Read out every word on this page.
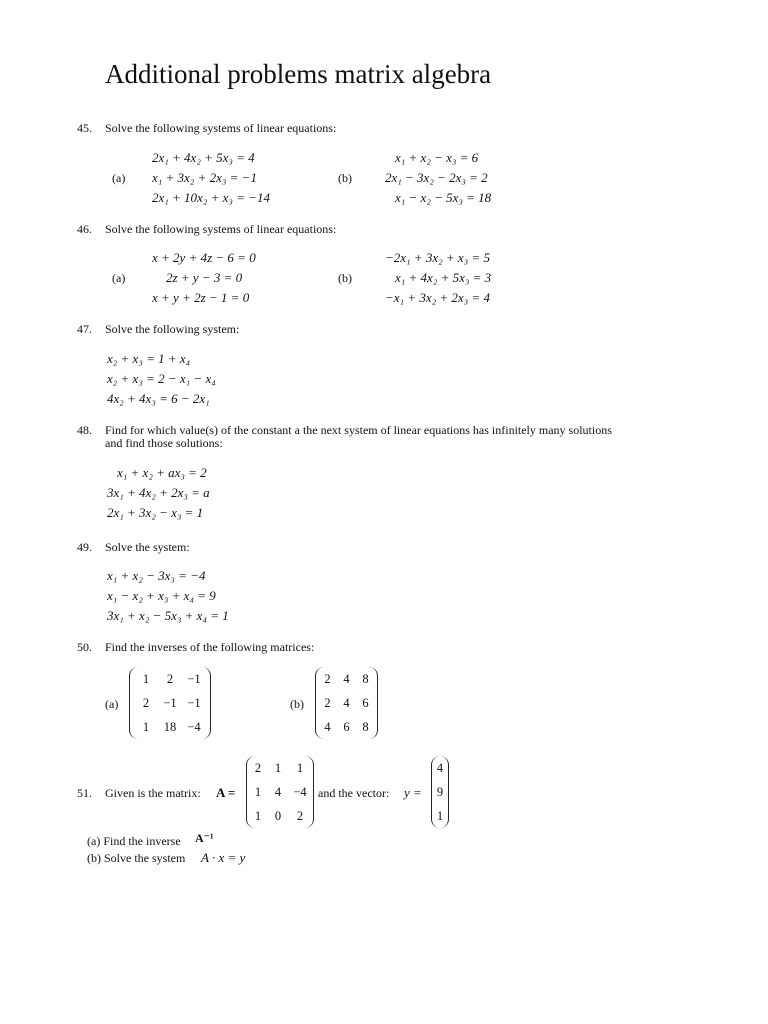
Additional problems matrix algebra
45. Solve the following systems of linear equations:
(a)
2x₁ + 4x₂ + 5x₃ = 4
x₁ + 3x₂ + 2x₃ = −1
2x₁ + 10x₂ + x₃ = −14
(b)
x₁ + x₂ − x₃ = 6
2x₁ − 3x₂ − 2x₃ = 2
x₁ − x₂ − 5x₃ = 18
46. Solve the following systems of linear equations:
(a)
x + 2y + 4z − 6 = 0
2z + y − 3 = 0
x + y + 2z − 1 = 0
(b)
−2x₁ + 3x₂ + x₃ = 5
x₁ + 4x₂ + 5x₃ = 3
−x₁ + 3x₂ + 2x₃ = 4
47. Solve the following system:
x₂ + x₃ = 1 + x₄
x₂ + x₃ = 2 − x₁ − x₄
4x₂ + 4x₃ = 6 − 2x₁
48. Find for which value(s) of the constant a the next system of linear equations has infinitely many solutions
and find those solutions:
x₁ + x₂ + ax₃ = 2
3x₁ + 4x₂ + 2x₃ = a
2x₁ + 3x₂ − x₃ = 1
49. Solve the system:
x₁ + x₂ − 3x₃ = −4
x₁ − x₂ + x₃ + x₄ = 9
3x₁ + x₂ − 5x₃ + x₄ = 1
50. Find the inverses of the following matrices:
(a)
1	2	−1
2	−1 −1
1	18 −4
(b)
2	4	8
2	4	6
4	6	8
51. Given is the matrix: A =
2	1	1
1	4 −4
1	0	2
and the vector: y =
4
9
1
(a) Find the inverse A⁻¹
(b) Solve the system A · x = y
